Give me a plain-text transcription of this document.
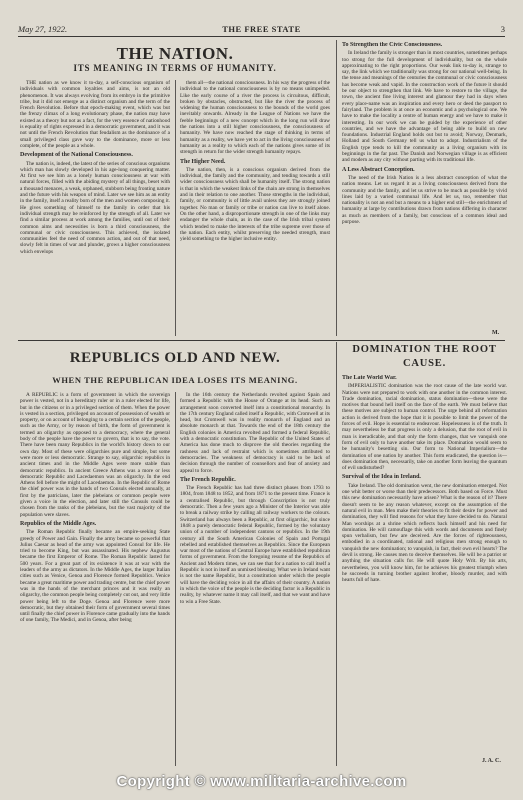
May 27, 1922.	THE FREE STATE	3
THE NATION.
ITS MEANING IN TERMS OF HUMANITY.

THE nation as we know it to-day, a self-conscious organism of individuals with common loyalties and aims, is not an old phenomenon. It was always evolving from its embryo in the primitive tribe, but it did not emerge as a distinct organism and the term of the French Revolution. Before that epoch-making event, which was but the frenzy climax of a long evolutionary phase, the nation may have existed as a theory but not as a fact, for the very essence of nationhood is equality of rights expressed in a democratic government, and it was not until the French Revolution that feudalism as the dominance of a small privileged class gave way to the dominance, more or less complete, of the people as a whole.

Development of the National Consciousness.

The nation is, indeed, the latest of the series of conscious organisms which man has slowly developed in his age-long conquering matter. At first we see him as a lonely human consciousness at war with natural forces, filled with the abiding mystery of all things, beset with a thousand menaces, a weak, orphaned, stubborn being fronting nature and the future with his weapon of mind. Later we see him as an entity in the family, itself a reality born of the men and women composing it. He gives something of himself to the family in order that his individual strength may be reinforced by the strength of all. Later we find a similar process at work among the families, until out of their common aims and necessities is born a third consciousness, the communal or civic consciousness. This achieved, the isolated communities feel the need of common action, and out of that need, slowly felt in times of war and plunder, grows a higher consciousness which envelops

them all—the national consciousness. In his way the progress of the individual to the national consciousness is by no means unimpeded. Like the early course of a river the process is circuitous, difficult, broken by obstacles, obstructed, but like the river the process of widening the human consciousness to the bounds of the world goes inevitably onwards. Already in the League of Nations we have the feeble beginnings of a new concept which in the long run will draw the nations into a still higher consciousness, the consciousness of humanity. We have now reached the stage of thinking in terms of humanity as a reality, we have yet to act in the living consciousness of humanity as a reality to which each of the nations gives some of its strength in return for the wider strength humanity repays.

The Higher Need.

The nation, then, is a conscious organism derived from the individual, the family and the community, and tending towards a still wider consciousness which shall be humanity itself. The strong nation is that in which the weakest links of the chain are strong in themselves and in their relation to one another. Those strengths in the individual, family, or community is of little avail unless they are strongly joined together. No man or family or tribe or nation can live to itself alone. On the other hand, a disproportionate strength in one of the links may endanger the whole chain, as in the case of the Irish tribal system which tended to make the interests of the tribe supreme over those of the nation. Each entity, whilst preserving the needed strength, must yield something to the higher inclusive entity.

To Strengthen the Civic Consciousness.

In Ireland the family is stronger than in most countries, sometimes perhaps too strong for the full development of individuality, but on the whole approximating to the right proportions. Our weak link to-day is, strange to say, the link which we traditionally was strong for our national well-being. In the tense and meanings of the centuries the communal or civic consciousness has become weak and vapid. In the construction work of the future it should be our object to strengthen that link. We have to restore to the village, the town, the ancient fine living interest and glamour they had in days when every place-name was an inspiration and every hero or deed the passport to fairyland. The problem is at once an economic and a psychological one. We have to make the locality a centre of human energy and we have to make it interesting. In our work we can be guided by the experience of other countries, and we have the advantage of being able to build on new foundations. Industrial England holds out but to avoid; Norway, Denmark, Holland and South Germany tell us what to adopt. Industrialism of the English type tends to kill the community as a living organism with its beginnings in the far past. The Danish and Norwegian village is as efficient and modern as any city without parting with its traditional life.

A Less Abstract Conception.

The need of the Irish Nation is a less abstract conception of what the nation means. Let us regard it as a living consciousness derived from the community and the family, and let us strive to be much as possible by vivid lines laid by a varied communal life. And let us, too, remember that nationality is not an end but a means to a higher end still—the enrichment of humanity at large by contributions drawn from nations differing in character as much as members of a family, but conscious of a common ideal and purpose.

M.
REPUBLICS OLD AND NEW.
WHEN THE REPUBLICAN IDEA LOSES ITS MEANING.

A REPUBLIC is a form of government in which the sovereign power is vested, not in a hereditary ruler or in a ruler elected for life, but in the citizens or in a privileged section of them. When the power is vested in a section, privileged on account of possession of wealth or property, or on account of belonging to a certain section of the people, such as the Army, or by reason of birth, the form of government is termed an oligarchy as opposed to a democracy, where the general body of the people have the power to govern, that is to say, the vote. There have been many Republics in the world's history down to our own day. Most of these were oligarchies pure and simple, but some were more or less democratic. Strange to say, oligarchic republics in ancient times and in the Middle Ages were more stable than democratic republics. In ancient Greece Athens was a more or less democratic Republic and Lacedaemon was an oligarchy. In the end Athens fell before the might of Lacedaemon. In the Republic of Rome the chief power was in the hands of two Consuls elected annually, at first by the patricians, later the plebeians or common people were given a voice in the election, and later still the Consuls could be chosen from the ranks of the plebeians, but the vast majority of the population were slaves.

Republics of the Middle Ages.

The Roman Republic finally became an empire-seeking State greedy of Power and Gain. Finally the army became so powerful that Julius Caesar as head of the army was appointed Consul for life. He tried to become King, but was assassinated. His nephew Augustus became the first Emperor of Rome. The Roman Republic lasted for 500 years. For a great part of its existence it was at war with the leaders of the army as dictators. In the Middle Ages, the larger Italian cities such as Venice, Genoa and Florence formed Republics. Venice became a great maritime power and trading centre, but the chief power was in the hands of the merchant princes and it was really an oligarchy, the common people being completely cut out, and very little power being left to the Doge. Genoa and Florence were more democratic, but they obtained their form of government several times until finally the chief power in Florence came gradually into the hands of one family, The Medici, and in Genoa, after being

In the 16th century the Netherlands revolted against Spain and formed a Republic with the House of Orange at its head. Such an arrangement soon converted itself into a constitutional monarchy. In the 17th century England called itself a Republic, with Cromwell at its head, but Cromwell was in reality monarch of England and an absolute monarch at that. Towards the end of the 18th century the English colonies in America revolted and formed a federal Republic, with a democratic constitution. The Republic of the United States of America has done much to disprove the old theories regarding the rashness and lack of restraint which is sometimes attributed to democracies. The weakness of democracy is said to be lack of decision through the number of counsellors and fear of anxiety and appeal to force.

The French Republic.

The French Republic has had three distinct phases from 1793 to 1804, from 1848 to 1852, and from 1871 to the present time. France is a centralised Republic, but through Conscription is not truly democratic. Then a few years ago a Minister of the Interior was able to break a railway strike by calling all railway workers to the colours. Switzerland has always been a Republic, at first oligarchic, but since 1848 a purely democratic federal Republic, formed by the voluntary union of a number of independent cantons or republics. In the 19th century all the South American Colonies of Spain and Portugal rebelled and established themselves as Republics. Since the European war most of the nations of Central Europe have established republican forms of government. From the foregoing resume of the Republics of Ancient and Modern times, we can see that for a nation to call itself a Republic is not in itself an unmixed blessing. What we in Ireland want is not the name Republic, but a constitution under which the people will have the deciding voice in all the affairs of their country. A nation in which the voice of the people is the deciding factor is a Republic in reality, by whatever name it may call itself, and that we want and have to win a Free State.

DOMINATION THE ROOT CAUSE.
The Late World War.

IMPERIALISTIC domination was the root cause of the late world war. Nations were not prepared to work with one another in the common interest. Trade domination, racial domination, status domination—these were the motives that bound hell itself on the face of the earth. We must believe that these motives are subject to human control. The urge behind all reformation action is derived from the hope that it is possible to limit the power of the forces of evil. Hope is essential to endeavour. Hopelessness is of the truth. It may nevertheless be that progress is only a delusion, that the root of evil in man is ineradicable, and that only the form changes, that we vanquish one form of evil only to have another take its place. Domination would seem to be humanity's besetting sin. Our form to National Imperialism—the domination of one nation by another. This form eradicated, the question is—does domination then, necessarily, take on another form leaving the quantum of evil undisturbed?

Survival of the Idea in Ireland.

Take Ireland. The old domination went, the new domination emerged. Not one whit better or worse than their predecessors. Both based on Force. Must this new domination necessarily have arisen? What is the reason of it? There doesn't seem to be any reason whatever, except on the assumption of the natural evil in man. Men make their theories to fit their desire for power and domination, they will find reasons for what they have decided to do. Natural Man worships at a shrine which reflects back himself and his need for domination. He will camouflage this with words and documents and finely spun verbalism, but few are deceived. Are the forces of righteousness, embodied in a coordinated, rational and religious men strong enough to vanquish the new domination; to vanquish, in fact, their own evil hearts? The devil is strong. He causes men to deceive themselves. He will be a patriot or anything the situation calls for. He will quote Holy Writ. By his arts, nevertheless, you will know him, for he achieves his greatest triumph when he succeeds in turning brother against brother, bloody murder, and with hearts full of hate.

J. A. C.
Copyright © www.militaria-archive.com
